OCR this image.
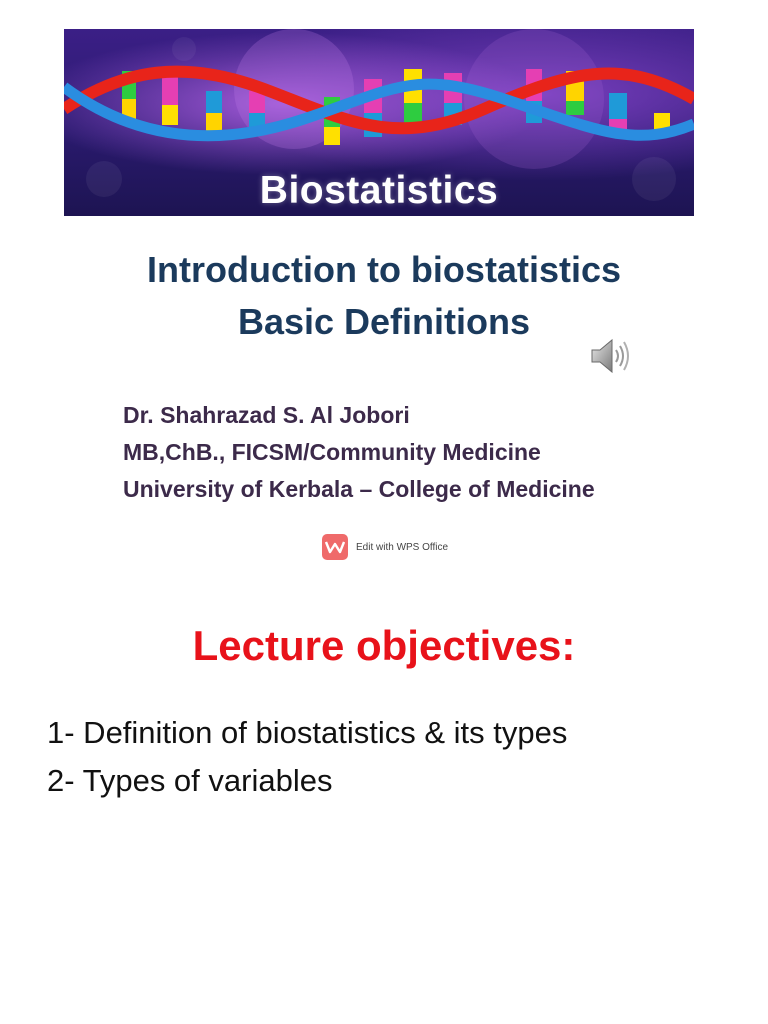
Biostatistics
Introduction to biostatistics
Basic Definitions
Dr. Shahrazad S. Al Jobori
MB,ChB., FICSM/Community Medicine
University of Kerbala – College of Medicine
Edit with WPS Office
Lecture objectives:
1- Definition of biostatistics & its types
2- Types of variables
